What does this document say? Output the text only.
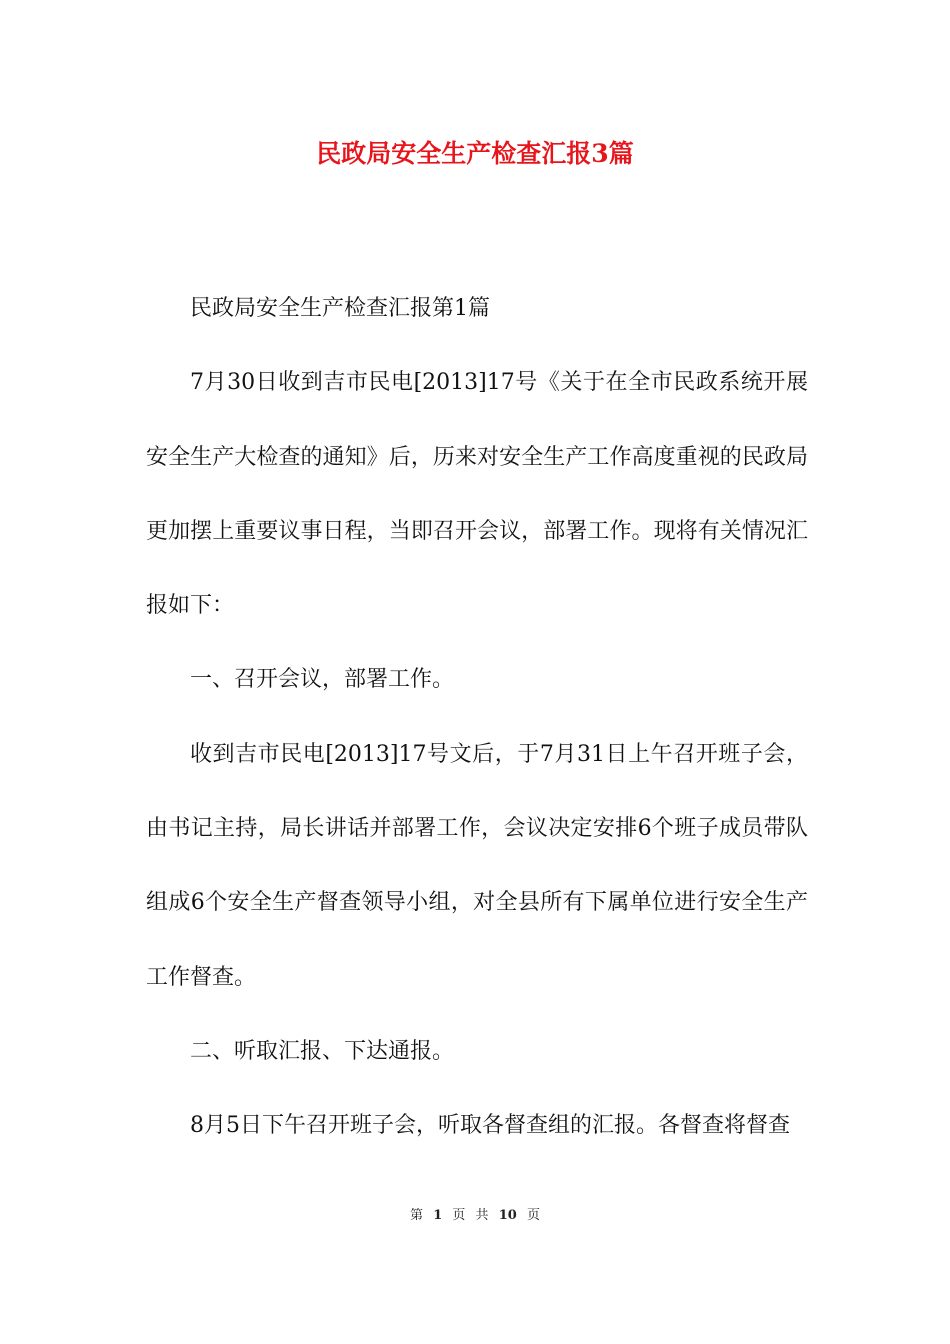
民政局安全生产检查汇报3篇

民政局安全生产检查汇报第1篇

7月30日收到吉市民电[2013]17号《关于在全市民政系统开展安全生产大检查的通知》后，历来对安全生产工作高度重视的民政局更加摆上重要议事日程，当即召开会议，部署工作。现将有关情况汇报如下：

一、召开会议，部署工作。

收到吉市民电[2013]17号文后，于7月31日上午召开班子会，由书记主持，局长讲话并部署工作，会议决定安排6个班子成员带队组成6个安全生产督查领导小组，对全县所有下属单位进行安全生产工作督查。

二、听取汇报、下达通报。

8月5日下午召开班子会，听取各督查组的汇报。各督查将督查

第 1 页 共 10 页
